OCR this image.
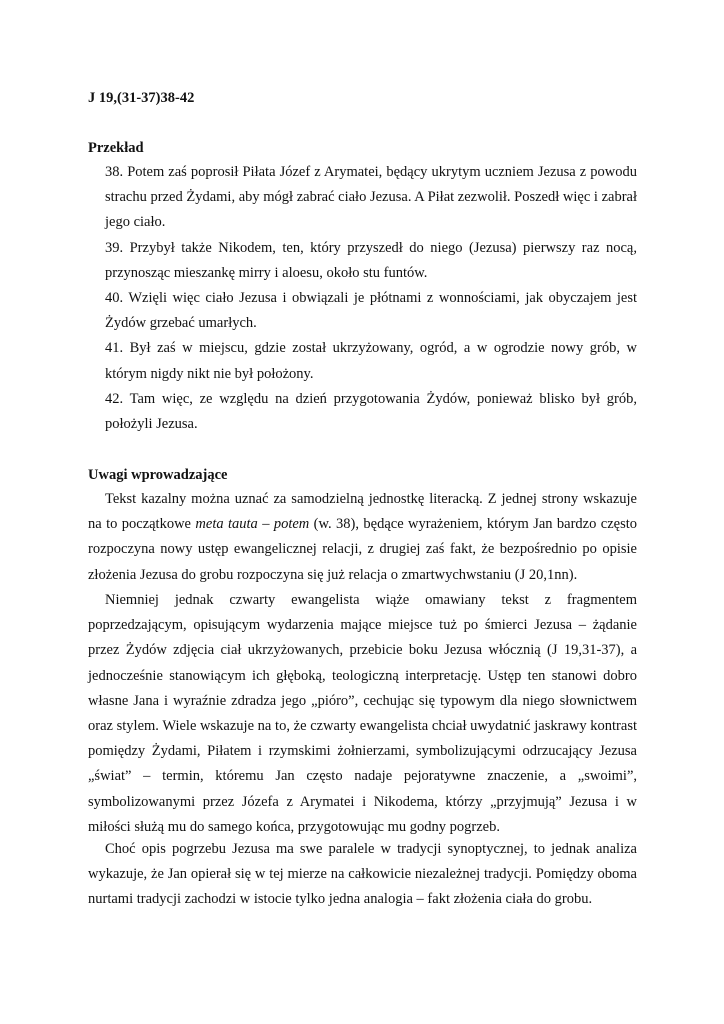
J 19,(31-37)38-42
Przekład

38. Potem zaś poprosił Piłata Józef z Arymatei, będący ukrytym uczniem Jezusa z powodu strachu przed Żydami, aby mógł zabrać ciało Jezusa. A Piłat zezwolił. Poszedł więc i zabrał jego ciało.

39. Przybył także Nikodem, ten, który przyszedł do niego (Jezusa) pierwszy raz nocą, przynosząc mieszankę mirry i aloesu, około stu funtów.

40. Wzięli więc ciało Jezusa i obwiązali je płótnami z wonnościami, jak obyczajem jest Żydów grzebać umarłych.

41. Był zaś w miejscu, gdzie został ukrzyżowany, ogród, a w ogrodzie nowy grób, w którym nigdy nikt nie był położony.

42. Tam więc, ze względu na dzień przygotowania Żydów, ponieważ blisko był grób, położyli Jezusa.

Uwagi wprowadzające

Tekst kazalny można uznać za samodzielną jednostkę literacką. Z jednej strony wskazuje na to początkowe meta tauta – potem (w. 38), będące wyrażeniem, którym Jan bardzo często rozpoczyna nowy ustęp ewangelicznej relacji, z drugiej zaś fakt, że bezpośrednio po opisie złożenia Jezusa do grobu rozpoczyna się już relacja o zmartwychwstaniu (J 20,1nn).

Niemniej jednak czwarty ewangelista wiąże omawiany tekst z fragmentem poprzedzającym, opisującym wydarzenia mające miejsce tuż po śmierci Jezusa – żądanie przez Żydów zdjęcia ciał ukrzyżowanych, przebicie boku Jezusa włócznią (J 19,31-37), a jednocześnie stanowiącym ich głęboką, teologiczną interpretację. Ustęp ten stanowi dobro własne Jana i wyraźnie zdradza jego „pióro”, cechując się typowym dla niego słownictwem oraz stylem. Wiele wskazuje na to, że czwarty ewangelista chciał uwydatnić jaskrawy kontrast pomiędzy Żydami, Piłatem i rzymskimi żołnierzami, symbolizującymi odrzucający Jezusa „świat” – termin, któremu Jan często nadaje pejoratywne znaczenie, a „swoimi”, symbolizowanymi przez Józefa z Arymatei i Nikodema, którzy „przyjmują” Jezusa i w miłości służą mu do samego końca, przygotowując mu godny pogrzeb.

Choć opis pogrzebu Jezusa ma swe paralele w tradycji synoptycznej, to jednak analiza wykazuje, że Jan opierał się w tej mierze na całkowicie niezależnej tradycji. Pomiędzy oboma nurtami tradycji zachodzi w istocie tylko jedna analogia – fakt złożenia ciała do grobu.
